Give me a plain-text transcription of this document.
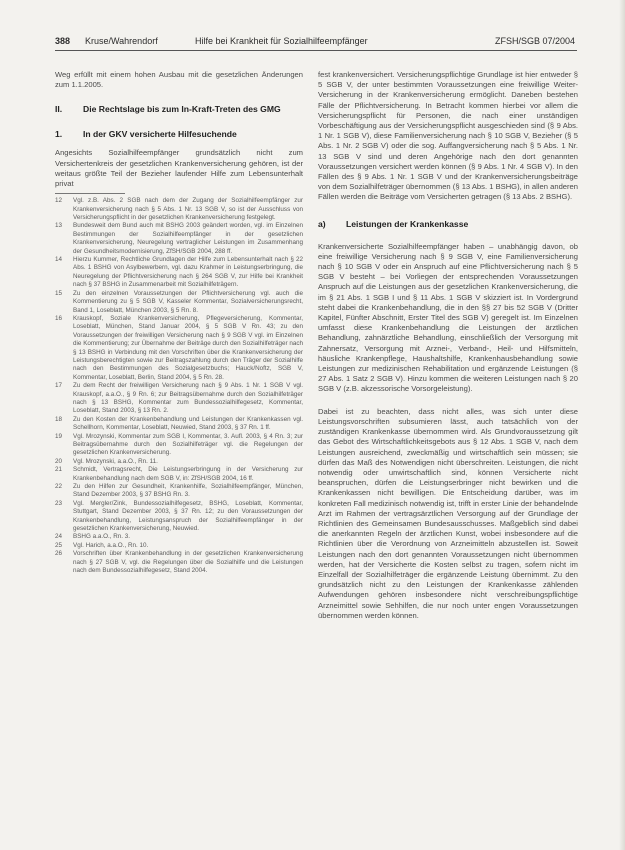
388 Kruse/Wahrendorf	Hilfe bei Krankheit für Sozialhilfeempfänger	ZFSH/SGB 07/2004

Weg erfüllt mit einem hohen Ausbau mit die gesetzlichen Änderungen zum 1.1.2005.

II.	Die Rechtslage bis zum In-Kraft-Treten des GMG
1.	In der GKV versicherte Hilfesuchende

Angesichts Sozialhilfeempfänger grundsätzlich nicht zum Versichertenkreis der gesetzlichen Krankenversicherung gehören, ist der weitaus größte Teil der Bezieher laufender Hilfe zum Lebensunterhalt privat

12	Vgl. z.B. Abs. 2 SGB nach dem der Zugang der Sozialhilfeempfänger zur Krankenversicherung nach § 5 Abs. 1 Nr. 13 SGB V, so ist der Ausschluss von Versicherungspflicht in der gesetzlichen Krankenversicherung festgelegt.
13	Bundesweit dem Bund auch mit BSHG 2003 geändert worden, vgl. im Einzelnen Bestimmungen der Sozialhilfeempfänger in der gesetzlichen Krankenversicherung, Neuregelung vertraglicher Leistungen im Zusammenhang der Gesundheitsmodernisierung, ZfSH/SGB 2004, 288 ff.
14	Hierzu Kummer, Rechtliche Grundlagen der Hilfe zum Lebensunterhalt nach § 22 Abs. 1 BSHG von Asylbewerbern, vgl. dazu Krahmer in Leistungserbringung, die Neuregelung der Pflichtversicherung nach § 264 SGB V, zur Hilfe bei Krankheit nach § 37 BSHG in Zusammenarbeit mit Sozialhilfeträgern.
15	Zu den einzelnen Voraussetzungen der Pflichtversicherung vgl. auch die Kommentierung zu § 5 SGB V, Kasseler Kommentar, Sozialversicherungsrecht, Band 1, Loseblatt, München 2003, § 5 Rn. 8.
16	Krauskopf, Soziale Krankenversicherung, Pflegeversicherung, Kommentar, Loseblatt, München, Stand Januar 2004, § 5 SGB V Rn. 43; zu den Voraussetzungen der freiwilligen Versicherung nach § 9 SGB V vgl. im Einzelnen die Kommentierung; zur Übernahme der Beiträge durch den Sozialhilfeträger nach § 13 BSHG in Verbindung mit den Vorschriften über die Krankenversicherung der Leistungsberechtigten sowie zur Beitragszahlung durch den Träger der Sozialhilfe nach den Bestimmungen des Sozialgesetzbuchs; Hauck/Noftz, SGB V, Kommentar, Loseblatt, Berlin, Stand 2004, § 5 Rn. 28.
17	Zu dem Recht der freiwilligen Versicherung nach § 9 Abs. 1 Nr. 1 SGB V vgl. Krauskopf, a.a.O., § 9 Rn. 6; zur Beitragsübernahme durch den Sozialhilfeträger nach § 13 BSHG, Kommentar zum Bundessozialhilfegesetz, Kommentar, Loseblatt, Stand 2003, § 13 Rn. 2.
18	Zu den Kosten der Krankenbehandlung und Leistungen der Krankenkassen vgl. Schellhorn, Kommentar, Loseblatt, Neuwied, Stand 2003, § 37 Rn. 1 ff.
19	Vgl. Mrozynski, Kommentar zum SGB I, Kommentar, 3. Aufl. 2003, § 4 Rn. 3; zur Beitragsübernahme durch den Sozialhilfeträger vgl. die Regelungen der gesetzlichen Krankenversicherung.
20	Vgl. Mrozynski, a.a.O., Rn. 11.
21	Schmidt, Vertragsrecht, Die Leistungserbringung in der Versicherung zur Krankenbehandlung nach dem SGB V, in: ZfSH/SGB 2004, 16 ff.
22	Zu den Hilfen zur Gesundheit, Krankenhilfe, Sozialhilfeempfänger, München, Stand Dezember 2003, § 37 BSHG Rn. 3.
23	Vgl. Mergler/Zink, Bundessozialhilfegesetz, BSHG, Loseblatt, Kommentar, Stuttgart, Stand Dezember 2003, § 37 Rn. 12; zu den Voraussetzungen der Krankenbehandlung, Leistungsanspruch der Sozialhilfeempfänger in der gesetzlichen Krankenversicherung, Neuwied.
24	BSHG a.a.O., Rn. 3.
25	Vgl. Harich, a.a.O., Rn. 10.
26	Vorschriften über Krankenbehandlung in der gesetzlichen Krankenversicherung nach § 27 SGB V, vgl. die Regelungen über die Sozialhilfe und die Leistungen nach dem Bundessozialhilfegesetz, Stand 2004.

fest krankenversichert. Versicherungspflichtige Grundlage ist hier entweder § 5 SGB V, der unter bestimmten Voraussetzungen eine freiwillige Weiter-Versicherung in der Krankenversicherung ermöglicht. Daneben bestehen Fälle der Pflichtversicherung. In Betracht kommen hierbei vor allem die Versicherungspflicht für Personen, die nach einer unständigen Vorbeschäftigung aus der Versicherungspflicht ausgeschieden sind (§ 9 Abs. 1 Nr. 1 SGB V), diese Familienversicherung nach § 10 SGB V, Bezieher (§ 5 Abs. 1 Nr. 2 SGB V) oder die sog. Auffangversicherung nach § 5 Abs. 1 Nr. 13 SGB V sind und deren Angehörige nach den dort genannten Voraussetzungen versichert werden können (§ 9 Abs. 1 Nr. 4 SGB V). In den Fällen des § 9 Abs. 1 Nr. 1 SGB V und der Krankenversicherungsbeiträge von dem Sozialhilfeträger übernommen (§ 13 Abs. 1 BSHG), in allen anderen Fällen werden die Beiträge vom Versicherten getragen (§ 13 Abs. 2 BSHG).

a)	Leistungen der Krankenkasse

Krankenversicherte Sozialhilfeempfänger haben – unabhängig davon, ob eine freiwillige Versicherung nach § 9 SGB V, eine Familienversicherung nach § 10 SGB V oder ein Anspruch auf eine Pflichtversicherung nach § 5 SGB V besteht – bei Vorliegen der entsprechenden Voraussetzungen Anspruch auf die Leistungen aus der gesetzlichen Krankenversicherung, die im § 21 Abs. 1 SGB I und § 11 Abs. 1 SGB V skizziert ist. In Vordergrund steht dabei die Krankenbehandlung, die in den §§ 27 bis 52 SGB V (Dritter Kapitel, Fünfter Abschnitt, Erster Titel des SGB V) geregelt ist. Im Einzelnen umfasst diese Krankenbehandlung die Leistungen der ärztlichen Behandlung, zahnärztliche Behandlung, einschließlich der Versorgung mit Zahnersatz, Versorgung mit Arznei-, Verband-, Heil- und Hilfsmitteln, häusliche Krankenpflege, Haushaltshilfe, Krankenhausbehandlung sowie Leistungen zur medizinischen Rehabilitation und ergänzende Leistungen (§ 27 Abs. 1 Satz 2 SGB V). Hinzu kommen die weiteren Leistungen nach § 20 SGB V (z.B. akzessorische Vorsorgeleistung).

Dabei ist zu beachten, dass nicht alles, was sich unter diese Leistungsvorschriften subsumieren lässt, auch tatsächlich von der zuständigen Krankenkasse übernommen wird. Als Grundvoraussetzung gilt das Gebot des Wirtschaftlichkeitsgebots aus § 12 Abs. 1 SGB V, nach dem Leistungen ausreichend, zweckmäßig und wirtschaftlich sein müssen; sie dürfen das Maß des Notwendigen nicht überschreiten. Leistungen, die nicht notwendig oder unwirtschaftlich sind, können Versicherte nicht beanspruchen, dürfen die Leistungserbringer nicht bewirken und die Krankenkassen nicht bewilligen. Die Entscheidung darüber, was im konkreten Fall medizinisch notwendig ist, trifft in erster Linie der behandelnde Arzt im Rahmen der vertragsärztlichen Versorgung auf der Grundlage der Richtlinien des Gemeinsamen Bundesausschusses. Maßgeblich sind dabei die anerkannten Regeln der ärztlichen Kunst, wobei insbesondere auf die Richtlinien über die Verordnung von Arzneimitteln abzustellen ist. Soweit Leistungen nach den dort genannten Voraussetzungen nicht übernommen werden, hat der Versicherte die Kosten selbst zu tragen, sofern nicht im Einzelfall der Sozialhilfeträger die ergänzende Leistung übernimmt. Zu den grundsätzlich nicht zu den Leistungen der Krankenkasse zählenden Aufwendungen gehören insbesondere nicht verschreibungspflichtige Arzneimittel sowie Sehhilfen, die nur noch unter engen Voraussetzungen übernommen werden können.
